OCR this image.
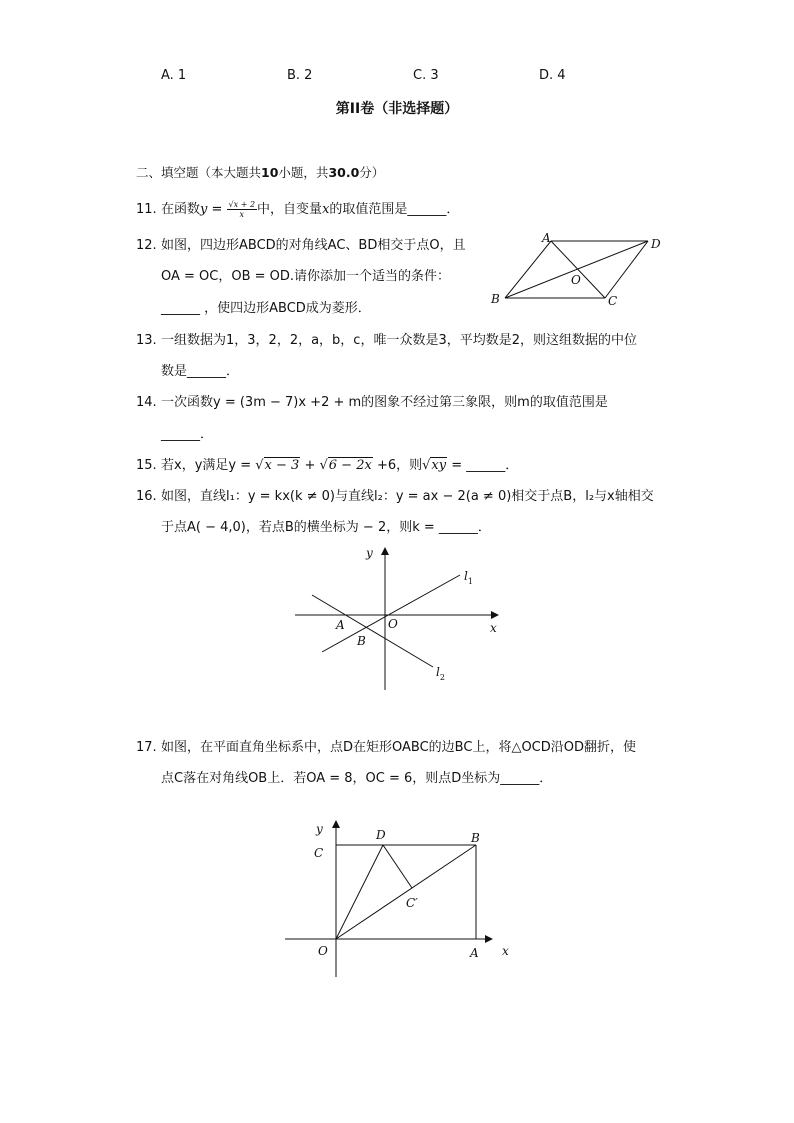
A. 1	B. 2	C. 3	D. 4
第II卷（非选择题）
二、填空题（本大题共10小题，共30.0分）
11. 在函数$y = \frac{√x + 2}{x}$ 中，自变量x的取值范围是______．
12. 如图，四边形ABCD的对角线AC、BD相交于点O，且
OA = OC，OB = OD.请你添加一个适当的条件：
______ ，使四边形ABCD成为菱形．
A	D
B	C
O
13. 一组数据为1，3，2，2，a，b，c，唯一众数是3，平均数是2，则这组数据的中位
数是______．
14. 一次函数y = (3m − 7)x +2 + m的图象不经过第三象限，则m的取值范围是
______．
15. 若x，y满足y = √x − 3 + √6 − 2x +6，则√xy = ______．
16. 如图，直线l₁：y = kx(k ≠ 0)与直线l₂：y = ax − 2(a ≠ 0)相交于点B，l₂与x轴相交
于点A( − 4,0)，若点B的横坐标为 − 2，则k = ______．
y
x
$l_1$
$l_2$
A
B
O
17. 如图，在平面直角坐标系中，点D在矩形OABC的边BC上，将△OCD沿OD翻折，使
点C落在对角线OB上．若OA = 8，OC = 6，则点D坐标为______．
y
x
C
D	B
C′
O	A
